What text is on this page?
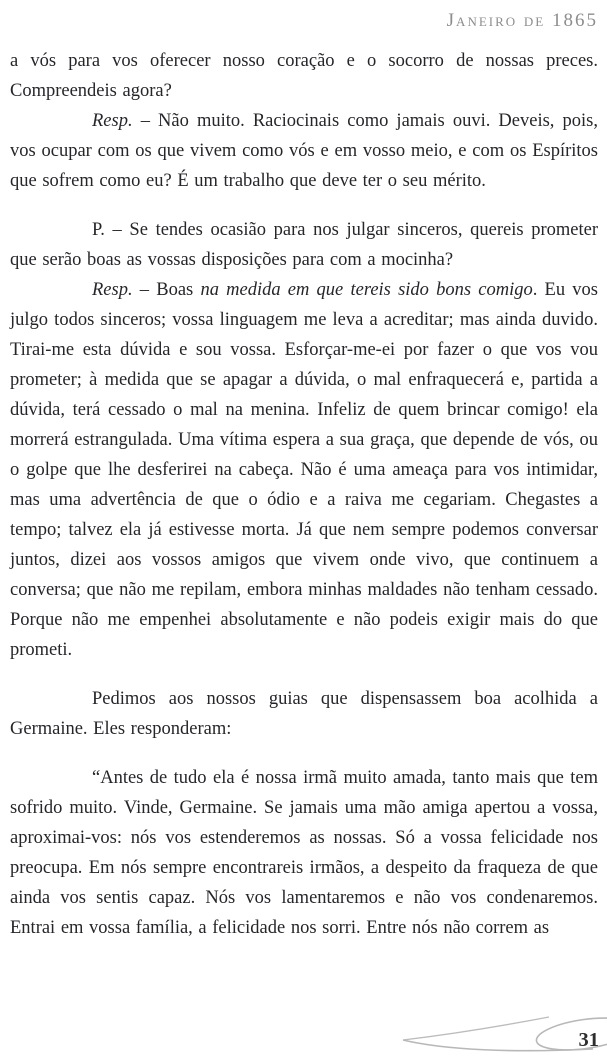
Janeiro de 1865

a vós para vos oferecer nosso coração e o socorro de nossas preces. Compreendeis agora?

Resp. – Não muito. Raciocinais como jamais ouvi. Deveis, pois, vos ocupar com os que vivem como vós e em vosso meio, e com os Espíritos que sofrem como eu? É um trabalho que deve ter o seu mérito.

P. – Se tendes ocasião para nos julgar sinceros, quereis prometer que serão boas as vossas disposições para com a mocinha?

Resp. – Boas na medida em que tereis sido bons comigo. Eu vos julgo todos sinceros; vossa linguagem me leva a acreditar; mas ainda duvido. Tirai-me esta dúvida e sou vossa. Esforçar-me-ei por fazer o que vos vou prometer; à medida que se apagar a dúvida, o mal enfraquecerá e, partida a dúvida, terá cessado o mal na menina. Infeliz de quem brincar comigo! ela morrerá estrangulada. Uma vítima espera a sua graça, que depende de vós, ou o golpe que lhe desferirei na cabeça. Não é uma ameaça para vos intimidar, mas uma advertência de que o ódio e a raiva me cegariam. Chegastes a tempo; talvez ela já estivesse morta. Já que nem sempre podemos conversar juntos, dizei aos vossos amigos que vivem onde vivo, que continuem a conversa; que não me repilam, embora minhas maldades não tenham cessado. Porque não me empenhei absolutamente e não podeis exigir mais do que prometi.

Pedimos aos nossos guias que dispensassem boa acolhida a Germaine. Eles responderam:

“Antes de tudo ela é nossa irmã muito amada, tanto mais que tem sofrido muito. Vinde, Germaine. Se jamais uma mão amiga apertou a vossa, aproximai-vos: nós vos estenderemos as nossas. Só a vossa felicidade nos preocupa. Em nós sempre encontrareis irmãos, a despeito da fraqueza de que ainda vos sentis capaz. Nós vos lamentaremos e não vos condenaremos. Entrai em vossa família, a felicidade nos sorri. Entre nós não correm as

31
